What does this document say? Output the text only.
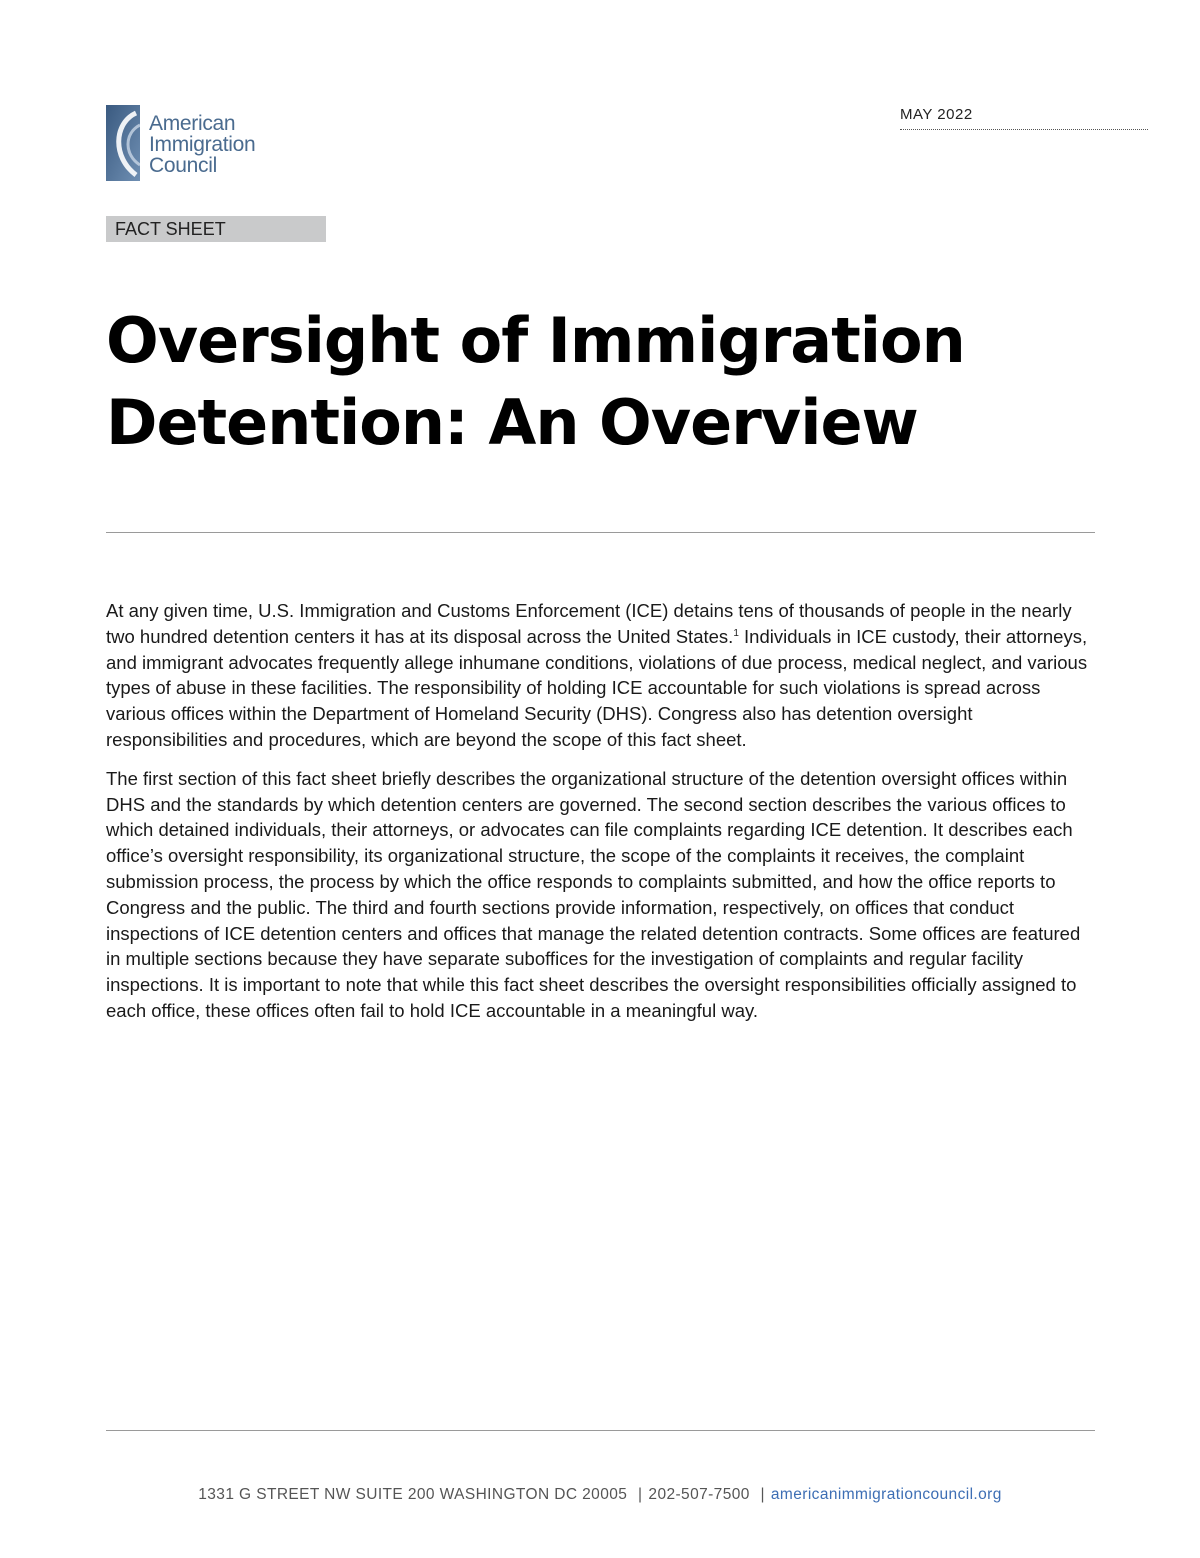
American
Immigration
Council
MAY 2022
FACT SHEET
Oversight of Immigration
Detention: An Overview

At any given time, U.S. Immigration and Customs Enforcement (ICE) detains tens of thousands of people in the nearly two hundred detention centers it has at its disposal across the United States.$^1$ Individuals in ICE custody, their attorneys, and immigrant advocates frequently allege inhumane conditions, violations of due process, medical neglect, and various types of abuse in these facilities. The responsibility of holding ICE accountable for such violations is spread across various offices within the Department of Homeland Security (DHS). Congress also has detention oversight responsibilities and procedures, which are beyond the scope of this fact sheet.

The first section of this fact sheet briefly describes the organizational structure of the detention oversight offices within DHS and the standards by which detention centers are governed. The second section describes the various offices to which detained individuals, their attorneys, or advocates can file complaints regarding ICE detention. It describes each office’s oversight responsibility, its organizational structure, the scope of the complaints it receives, the complaint submission process, the process by which the office responds to complaints submitted, and how the office reports to Congress and the public. The third and fourth sections provide information, respectively, on offices that conduct inspections of ICE detention centers and offices that manage the related detention contracts. Some offices are featured in multiple sections because they have separate suboffices for the investigation of complaints and regular facility inspections. It is important to note that while this fact sheet describes the oversight responsibilities officially assigned to each office, these offices often fail to hold ICE accountable in a meaningful way.

1331 G STREET NW SUITE 200 WASHINGTON DC 20005 | 202-507-7500 | americanimmigrationcouncil.org
